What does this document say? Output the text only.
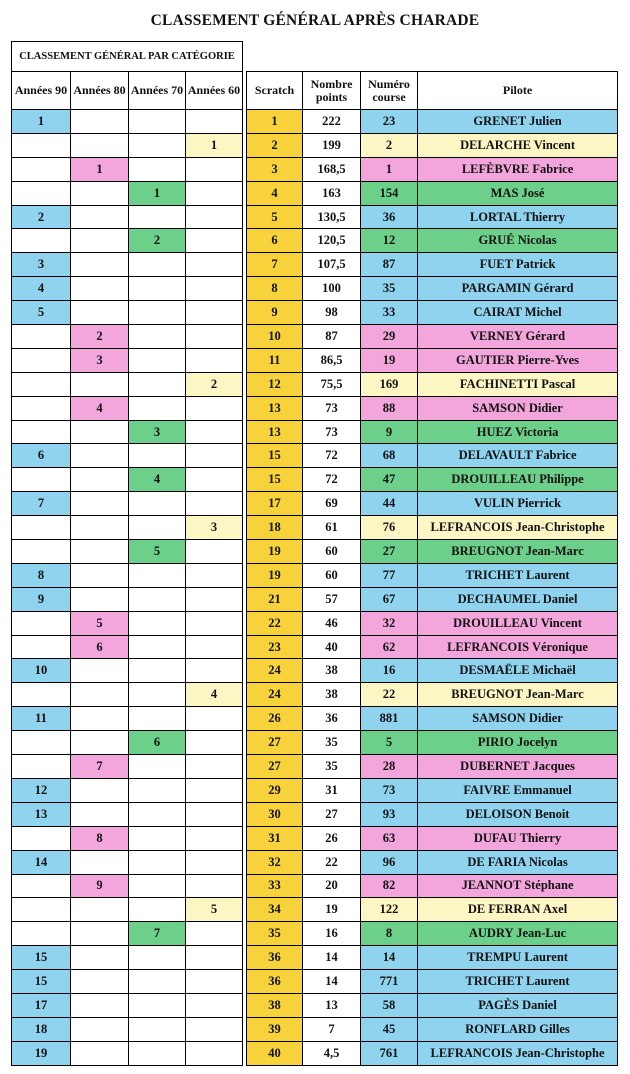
CLASSEMENT GÉNÉRAL APRÈS CHARADE
CLASSEMENT GÉNÉRAL PAR CATÉGORIE								
Années 90	Années 80	Années 70	Années 60		Scratch	Nombre points	Numéro course	Pilote
1					1	222	23	GRENET Julien
			1		2	199	2	DELARCHE Vincent
	1				3	168,5	1	LEFÈBVRE Fabrice
		1			4	163	154	MAS José
2					5	130,5	36	LORTAL Thierry
		2			6	120,5	12	GRUÉ Nicolas
3					7	107,5	87	FUET Patrick
4					8	100	35	PARGAMIN Gérard
5					9	98	33	CAIRAT Michel
	2				10	87	29	VERNEY Gérard
	3				11	86,5	19	GAUTIER Pierre-Yves
			2		12	75,5	169	FACHINETTI Pascal
	4				13	73	88	SAMSON Didier
		3			13	73	9	HUEZ Victoria
6					15	72	68	DELAVAULT Fabrice
		4			15	72	47	DROUILLEAU Philippe
7					17	69	44	VULIN Pierrick
			3		18	61	76	LEFRANCOIS Jean-Christophe
		5			19	60	27	BREUGNOT Jean-Marc
8					19	60	77	TRICHET Laurent
9					21	57	67	DECHAUMEL Daniel
	5				22	46	32	DROUILLEAU Vincent
	6				23	40	62	LEFRANCOIS Véronique
10					24	38	16	DESMAËLE Michaël
			4		24	38	22	BREUGNOT Jean-Marc
11					26	36	881	SAMSON Didier
		6			27	35	5	PIRIO Jocelyn
	7				27	35	28	DUBERNET Jacques
12					29	31	73	FAIVRE Emmanuel
13					30	27	93	DELOISON Benoit
	8				31	26	63	DUFAU Thierry
14					32	22	96	DE FARIA Nicolas
	9				33	20	82	JEANNOT Stéphane
			5		34	19	122	DE FERRAN Axel
		7			35	16	8	AUDRY Jean-Luc
15					36	14	14	TREMPU Laurent
15					36	14	771	TRICHET Laurent
17					38	13	58	PAGÈS Daniel
18					39	7	45	RONFLARD Gilles
19					40	4,5	761	LEFRANCOIS Jean-Christophe
